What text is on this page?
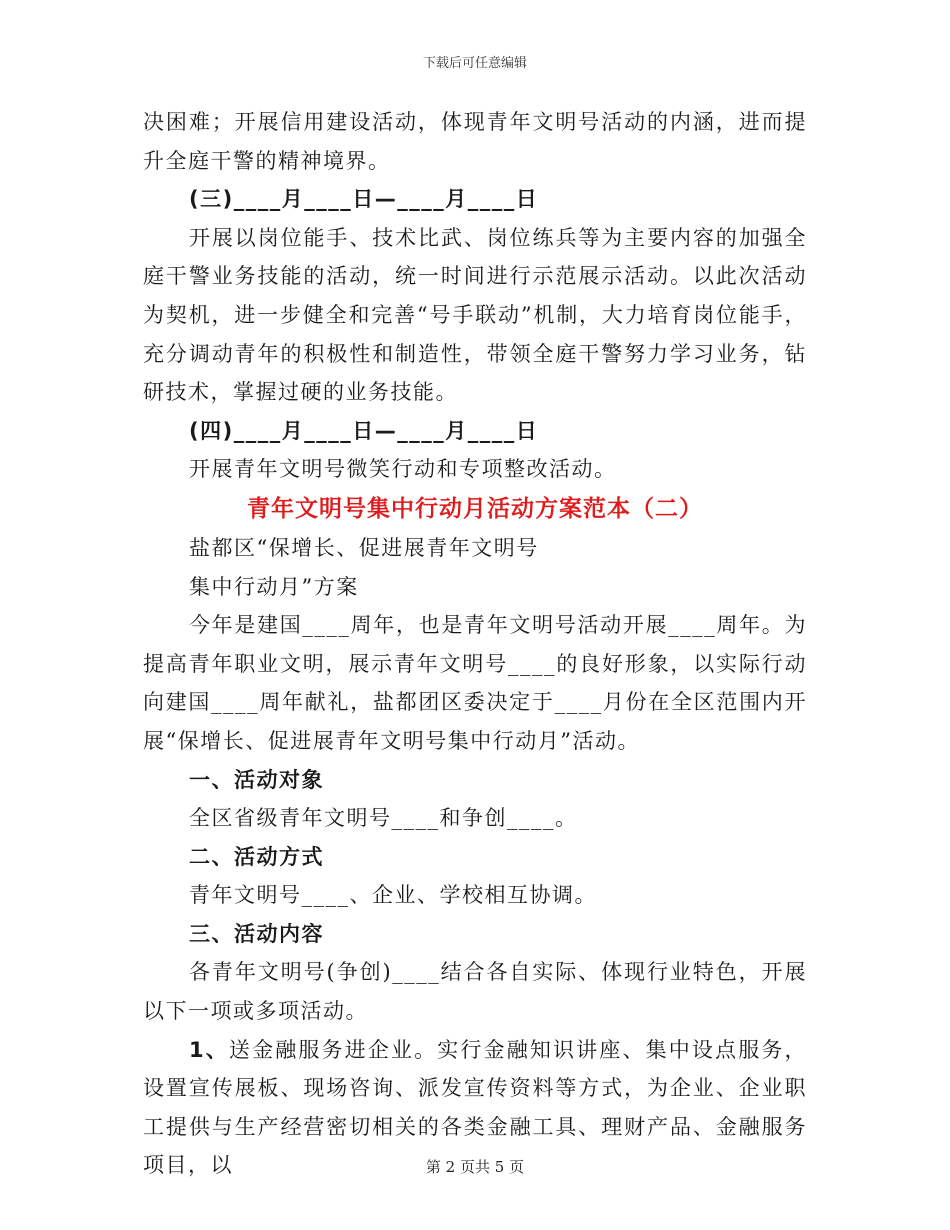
下载后可任意编辑

决困难；开展信用建设活动，体现青年文明号活动的内涵，进而提升全庭干警的精神境界。

(三)____月____日—____月____日

开展以岗位能手、技术比武、岗位练兵等为主要内容的加强全庭干警业务技能的活动，统一时间进行示范展示活动。以此次活动为契机，进一步健全和完善“号手联动”机制，大力培育岗位能手，充分调动青年的积极性和制造性，带领全庭干警努力学习业务，钻研技术，掌握过硬的业务技能。

(四)____月____日—____月____日

开展青年文明号微笑行动和专项整改活动。

青年文明号集中行动月活动方案范本（二）

盐都区“保增长、促进展青年文明号

集中行动月”方案

今年是建国____周年，也是青年文明号活动开展____周年。为提高青年职业文明，展示青年文明号____的良好形象，以实际行动向建国____周年献礼，盐都团区委决定于____月份在全区范围内开展“保增长、促进展青年文明号集中行动月”活动。

一、活动对象

全区省级青年文明号____和争创____。

二、活动方式

青年文明号____、企业、学校相互协调。

三、活动内容

各青年文明号(争创)____结合各自实际、体现行业特色，开展以下一项或多项活动。

1、送金融服务进企业。实行金融知识讲座、集中设点服务，设置宣传展板、现场咨询、派发宣传资料等方式，为企业、企业职工提供与生产经营密切相关的各类金融工具、理财产品、金融服务项目，以	第 2 页共 5 页
